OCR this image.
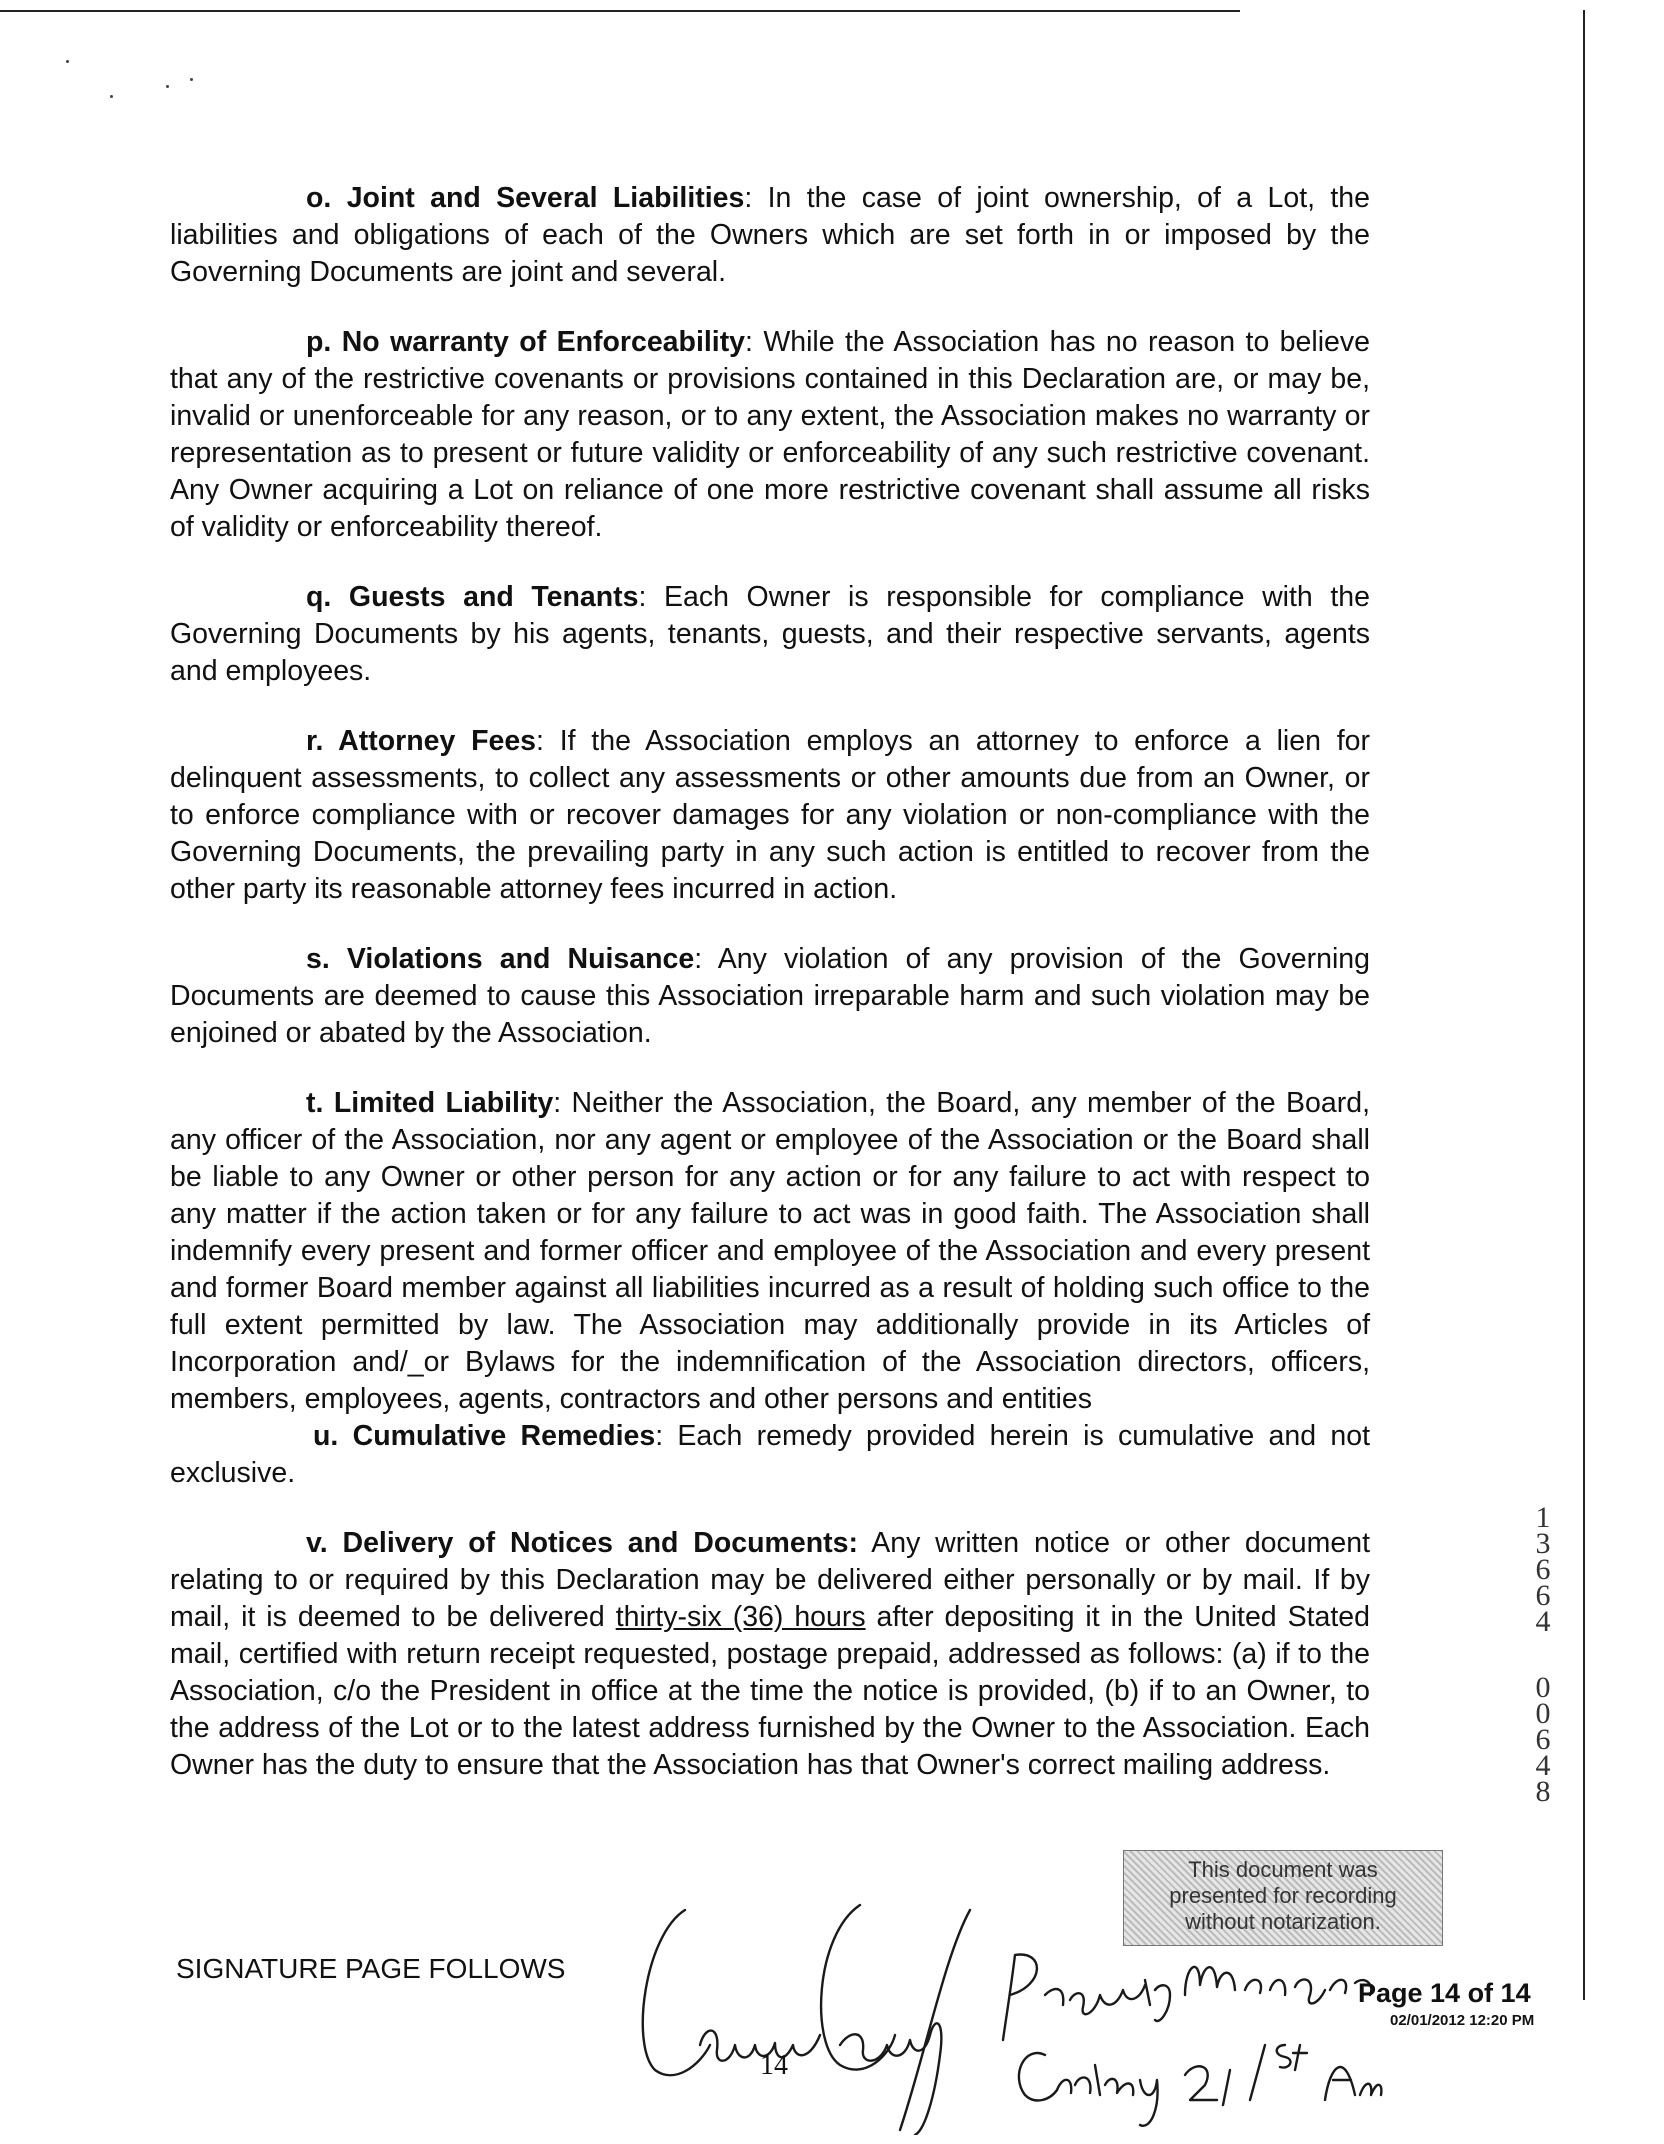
o. Joint and Several Liabilities: In the case of joint ownership, of a Lot, the liabilities and obligations of each of the Owners which are set forth in or imposed by the Governing Documents are joint and several.

p. No warranty of Enforceability: While the Association has no reason to believe that any of the restrictive covenants or provisions contained in this Declaration are, or may be, invalid or unenforceable for any reason, or to any extent, the Association makes no warranty or representation as to present or future validity or enforceability of any such restrictive covenant. Any Owner acquiring a Lot on reliance of one more restrictive covenant shall assume all risks of validity or enforceability thereof.

q. Guests and Tenants: Each Owner is responsible for compliance with the Governing Documents by his agents, tenants, guests, and their respective servants, agents and employees.

r. Attorney Fees: If the Association employs an attorney to enforce a lien for delinquent assessments, to collect any assessments or other amounts due from an Owner, or to enforce compliance with or recover damages for any violation or non-compliance with the Governing Documents, the prevailing party in any such action is entitled to recover from the other party its reasonable attorney fees incurred in action.

s. Violations and Nuisance: Any violation of any provision of the Governing Documents are deemed to cause this Association irreparable harm and such violation may be enjoined or abated by the Association.

t. Limited Liability: Neither the Association, the Board, any member of the Board, any officer of the Association, nor any agent or employee of the Association or the Board shall be liable to any Owner or other person for any action or for any failure to act with respect to any matter if the action taken or for any failure to act was in good faith. The Association shall indemnify every present and former officer and employee of the Association and every present and former Board member against all liabilities incurred as a result of holding such office to the full extent permitted by law. The Association may additionally provide in its Articles of Incorporation and/_or Bylaws for the indemnification of the Association directors, officers, members, employees, agents, contractors and other persons and entities

u. Cumulative Remedies: Each remedy provided herein is cumulative and not exclusive.

v. Delivery of Notices and Documents: Any written notice or other document relating to or required by this Declaration may be delivered either personally or by mail. If by mail, it is deemed to be delivered thirty-six (36) hours after depositing it in the United Stated mail, certified with return receipt requested, postage prepaid, addressed as follows: (a) if to the Association, c/o the President in office at the time the notice is provided, (b) if to an Owner, to the address of the Lot or to the latest address furnished by the Owner to the Association. Each Owner has the duty to ensure that the Association has that Owner's correct mailing address.

1
3
6
6
4
0
0
6
4
8
This document was
presented for recording
without notarization.
SIGNATURE PAGE FOLLOWS
14
Page 14 of 14
02/01/2012 12:20 PM
